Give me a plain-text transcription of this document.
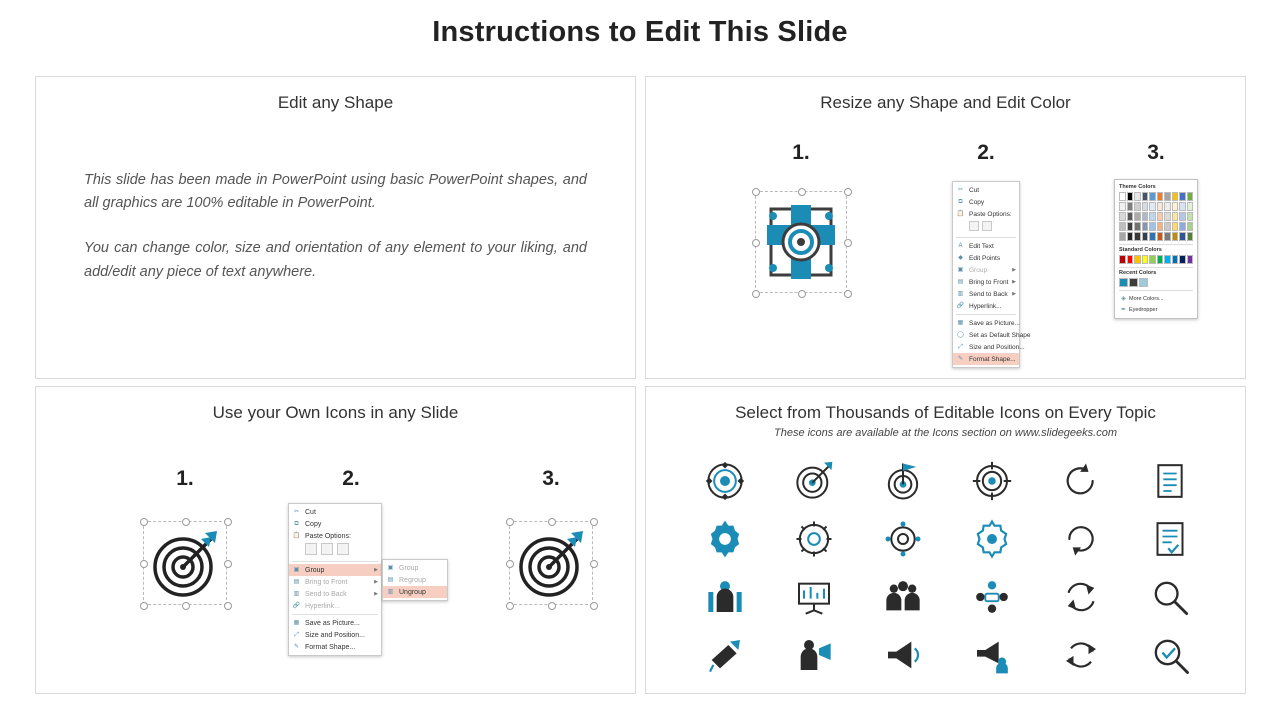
Instructions to Edit This Slide
Edit any Shape
This slide has been made in PowerPoint using basic PowerPoint shapes, and all graphics are 100% editable in PowerPoint.
You can change color, size and orientation of any element to your liking, and add/edit any piece of text anywhere.
Resize any Shape and Edit Color
1.	2.
✂ Cut
⧉ Copy
📋 Paste Options:

A	Edit Text
◆ Edit Points
▣ Group	▶
▤ Bring to Front ▶
▥ Send to Back ▶
🔗 Hyperlink...
▦ Save as Picture...
◯ Set as Default Shape
⤢ Size and Position...
✎ Format Shape...
3.
Theme Colors
Standard Colors
Recent Colors
◈ More Colors...
✒ Eyedropper
Use your Own Icons in any Slide
1.	2.
✂ Cut
⧉ Copy
📋 Paste Options:

▣ Group	▶
▤ Bring to Front	▶
▥ Send to Back	▶
🔗 Hyperlink...
▦ Save as Picture...
⤢ Size and Position...
✎ Format Shape...
▣ Group
▤ Regroup
▥ Ungroup
3.
Select from Thousands of Editable Icons on Every Topic
These icons are available at the Icons section on www.slidegeeks.com
